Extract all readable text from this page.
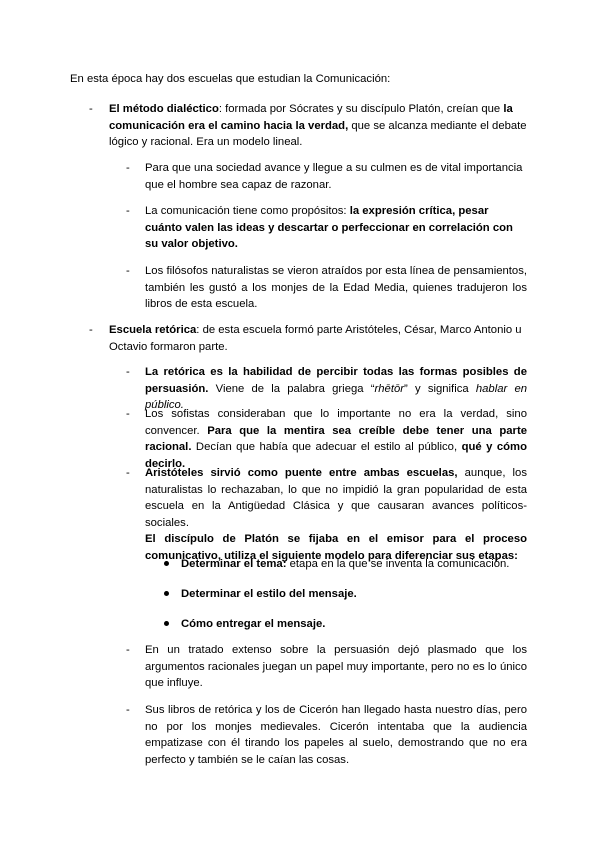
En esta época hay dos escuelas que estudian la Comunicación:

-	El método dialéctico: formada por Sócrates y su discípulo Platón, creían que la comunicación era el camino hacia la verdad, que se alcanza mediante el debate lógico y racional. Era un modelo lineal.

-	Para que una sociedad avance y llegue a su culmen es de vital importancia que el hombre sea capaz de razonar.

-	La comunicación tiene como propósitos: la expresión crítica, pesar cuánto valen las ideas y descartar o perfeccionar en correlación con su valor objetivo.

-	Los filósofos naturalistas se vieron atraídos por esta línea de pensamientos, también les gustó a los monjes de la Edad Media, quienes tradujeron los libros de esta escuela.

-	Escuela retórica: de esta escuela formó parte Aristóteles, César, Marco Antonio u Octavio formaron parte.

-	La retórica es la habilidad de percibir todas las formas posibles de persuasión. Viene de la palabra griega “rhētōr” y significa hablar en público.

-	Los sofistas consideraban que lo importante no era la verdad, sino convencer. Para que la mentira sea creíble debe tener una parte racional. Decían que había que adecuar el estilo al público, qué y cómo decirlo.

-	Aristóteles sirvió como puente entre ambas escuelas, aunque, los naturalistas lo rechazaban, lo que no impidió la gran popularidad de esta escuela en la Antigüedad Clásica y que causaran avances políticos-sociales.
El discípulo de Platón se fijaba en el emisor para el proceso comunicativo, utiliza el siguiente modelo para diferenciar sus etapas:

Determinar el tema: etapa en la que se inventa la comunicación.

Determinar el estilo del mensaje.

Cómo entregar el mensaje.

-	En un tratado extenso sobre la persuasión dejó plasmado que los argumentos racionales juegan un papel muy importante, pero no es lo único que influye.

-	Sus libros de retórica y los de Cicerón han llegado hasta nuestro días, pero no por los monjes medievales. Cicerón intentaba que la audiencia empatizase con él tirando los papeles al suelo, demostrando que no era perfecto y también se le caían las cosas.
